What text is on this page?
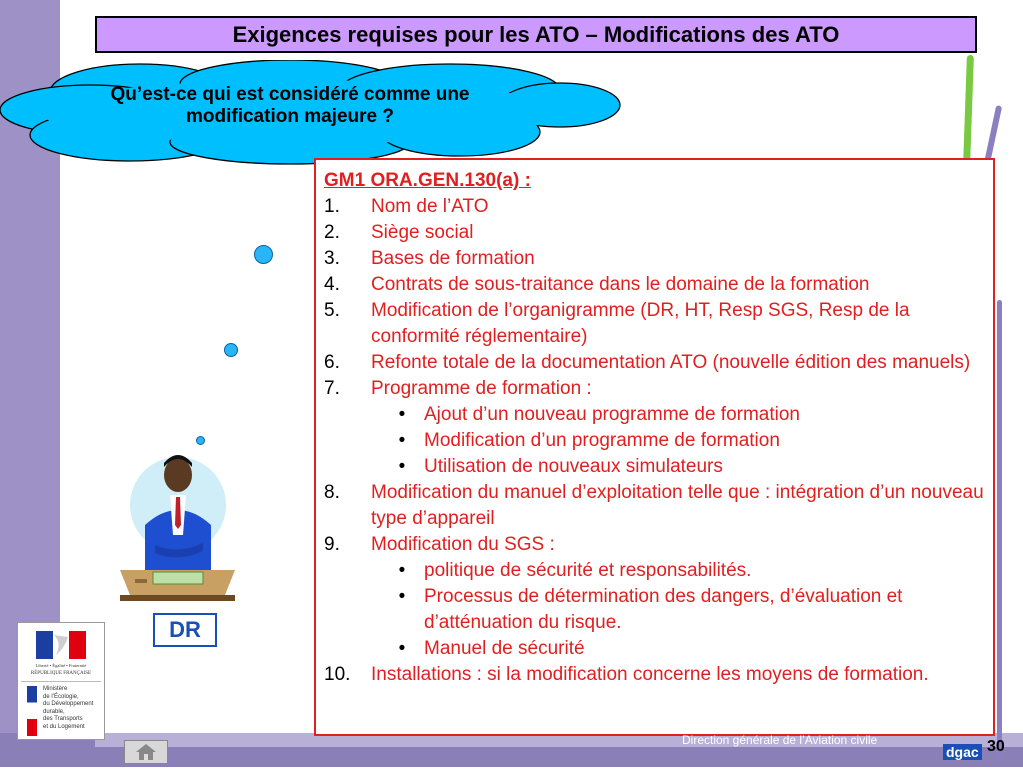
Exigences requises pour les ATO – Modifications des ATO
Qu’est-ce qui est considéré comme une modification majeure ?
DR
Liberté • Égalité • Fraternité
RÉPUBLIQUE FRANÇAISE
Ministère
de l’Écologie,
du Développement
durable,
des Transports
et du Logement
GM1 ORA.GEN.130(a) :
1.	Nom de l’ATO
2.	Siège social
3.	Bases de formation
4.	Contrats de sous-traitance dans le domaine de la formation
5.	Modification de l’organigramme (DR, HT, Resp SGS, Resp de la conformité réglementaire)
6.	Refonte totale de la documentation ATO (nouvelle édition des manuels)
7.	Programme de formation :
• Ajout d’un nouveau programme de formation
• Modification d’un programme de formation
• Utilisation de nouveaux simulateurs
8.	Modification du manuel d’exploitation telle que : intégration d’un nouveau type d’appareil
9.	Modification du SGS :
• politique de sécurité et responsabilités.
• Processus de détermination des dangers, d’évaluation et d’atténuation du risque.
• Manuel de sécurité
10.	Installations : si la modification concerne les moyens de formation.
Direction générale de l’Aviation civile
dgac 30
